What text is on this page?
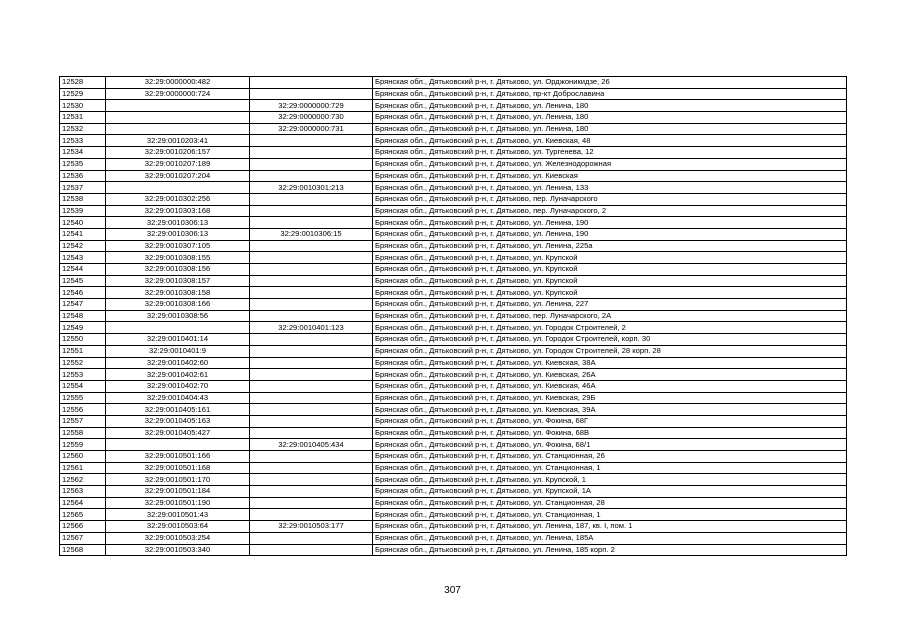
12528	32:29:0000000:482		Брянская обл., Дятьковский р-н, г. Дятьково, ул. Орджоникидзе, 26
12529	32:29:0000000:724		Брянская обл., Дятьковский р-н, г. Дятьково, пр-кт Доброславина
12530		32:29:0000000:729	Брянская обл., Дятьковский р-н, г. Дятьково, ул. Ленина, 180
12531		32:29:0000000:730	Брянская обл., Дятьковский р-н, г. Дятьково, ул. Ленина, 180
12532		32:29:0000000:731	Брянская обл., Дятьковский р-н, г. Дятьково, ул. Ленина, 180
12533	32:29:0010203:41		Брянская обл., Дятьковский р-н, г. Дятьково, ул. Киевская, 48
12534	32:29:0010206:157		Брянская обл., Дятьковский р-н, г. Дятьково, ул. Тургенева, 12
12535	32:29:0010207:189		Брянская обл., Дятьковский р-н, г. Дятьково, ул. Железнодорожная
12536	32:29:0010207:204		Брянская обл., Дятьковский р-н, г. Дятьково, ул. Киевская
12537		32:29:0010301:213	Брянская обл., Дятьковский р-н, г. Дятьково, ул. Ленина, 133
12538	32:29:0010302:256		Брянская обл., Дятьковский р-н, г. Дятьково, пер. Луначарского
12539	32:29:0010303:168		Брянская обл., Дятьковский р-н, г. Дятьково, пер. Луначарского, 2
12540	32:29:0010306:13		Брянская обл., Дятьковский р-н, г. Дятьково, ул. Ленина, 190
12541	32:29:0010306:13	32:29:0010306:15	Брянская обл., Дятьковский р-н, г. Дятьково, ул. Ленина, 190
12542	32:29:0010307:105		Брянская обл., Дятьковский р-н, г. Дятьково, ул. Ленина, 225а
12543	32:29:0010308:155		Брянская обл., Дятьковский р-н, г. Дятьково, ул. Крупской
12544	32:29:0010308:156		Брянская обл., Дятьковский р-н, г. Дятьково, ул. Крупской
12545	32:29:0010308:157		Брянская обл., Дятьковский р-н, г. Дятьково, ул. Крупской
12546	32:29:0010308:158		Брянская обл., Дятьковский р-н, г. Дятьково, ул. Крупской
12547	32:29:0010308:166		Брянская обл., Дятьковский р-н, г. Дятьково, ул. Ленина, 227
12548	32:29:0010308:56		Брянская обл., Дятьковский р-н, г. Дятьково, пер. Луначарского, 2А
12549		32:29:0010401:123	Брянская обл., Дятьковский р-н, г. Дятьково, ул. Городок Строителей, 2
12550	32:29:0010401:14		Брянская обл., Дятьковский р-н, г. Дятьково, ул. Городок Строителей, корп. 30
12551	32:29:0010401:9		Брянская обл., Дятьковский р-н, г. Дятьково, ул. Городок Строителей, 28 корп. 28
12552	32:29:0010402:60		Брянская обл., Дятьковский р-н, г. Дятьково, ул. Киевская, 38А
12553	32:29:0010402:61		Брянская обл., Дятьковский р-н, г. Дятьково, ул. Киевская, 26А
12554	32:29:0010402:70		Брянская обл., Дятьковский р-н, г. Дятьково, ул. Киевская, 46А
12555	32:29:0010404:43		Брянская обл., Дятьковский р-н, г. Дятьково, ул. Киевская, 29Б
12556	32:29:0010405:161		Брянская обл., Дятьковский р-н, г. Дятьково, ул. Киевская, 39А
12557	32:29:0010405:163		Брянская обл., Дятьковский р-н, г. Дятьково, ул. Фокина, 68Г
12558	32:29:0010405:427		Брянская обл., Дятьковский р-н, г. Дятьково, ул. Фокина, 68В
12559		32:29:0010405:434	Брянская обл., Дятьковский р-н, г. Дятьково, ул. Фокина, 68/1
12560	32:29:0010501:166		Брянская обл., Дятьковский р-н, г. Дятьково, ул. Станционная, 26
12561	32:29:0010501:168		Брянская обл., Дятьковский р-н, г. Дятьково, ул. Станционная, 1
12562	32:29:0010501:170		Брянская обл., Дятьковский р-н, г. Дятьково, ул. Крупской, 1
12563	32:29:0010501:184		Брянская обл., Дятьковский р-н, г. Дятьково, ул. Крупской, 1А
12564	32:29:0010501:190		Брянская обл., Дятьковский р-н, г. Дятьково, ул. Станционная, 28
12565	32:29:0010501:43		Брянская обл., Дятьковский р-н, г. Дятьково, ул. Станционная, 1
12566	32:29:0010503:64	32:29:0010503:177	Брянская обл., Дятьковский р-н, г. Дятьково, ул. Ленина, 187, кв. I, пом. 1
12567	32:29:0010503:254		Брянская обл., Дятьковский р-н, г. Дятьково, ул. Ленина, 185А
12568	32:29:0010503:340		Брянская обл., Дятьковский р-н, г. Дятьково, ул. Ленина, 185 корп. 2
307
